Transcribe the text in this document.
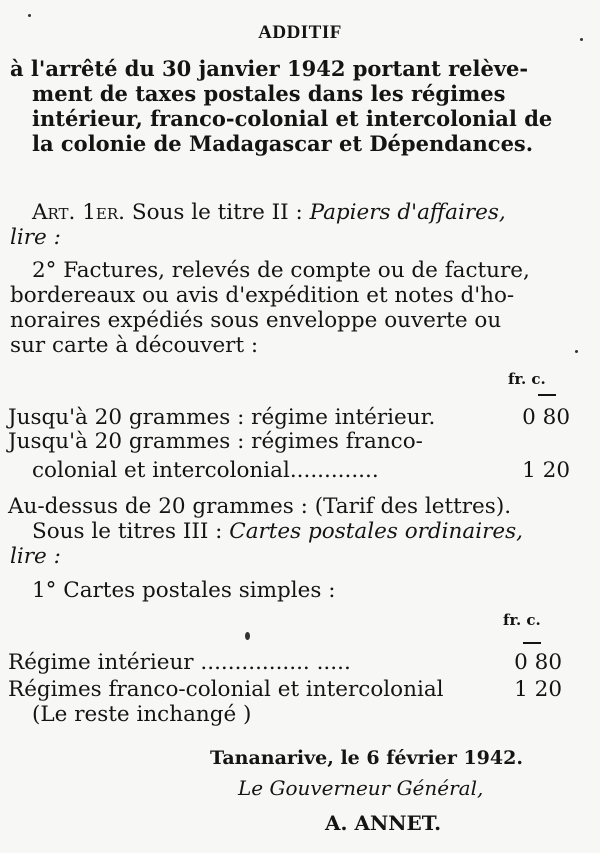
ADDITIF
à l'arrêté du 30 janvier 1942 portant relève-
ment de taxes postales dans les régimes
intérieur, franco-colonial et intercolonial de
la colonie de Madagascar et Dépendances.
Art. 1er. Sous le titre II : Papiers d'affaires,
lire :
2° Factures, relevés de compte ou de facture,
bordereaux ou avis d'expédition et notes d'ho-
noraires expédiés sous enveloppe ouverte ou
sur carte à découvert :
fr. c.
Jusqu'à 20 grammes : régime intérieur.	0 80
Jusqu'à 20 grammes : régimes franco-
colonial et intercolonial.............	1 20
Au-dessus de 20 grammes : (Tarif des lettres).
Sous le titres III : Cartes postales ordinaires,
lire :
1° Cartes postales simples :
fr. c.
Régime intérieur ................ .....	0 80
Régimes franco-colonial et intercolonial	1 20
(Le reste inchangé )
Tananarive, le 6 février 1942.
Le Gouverneur Général,
A. ANNET.
